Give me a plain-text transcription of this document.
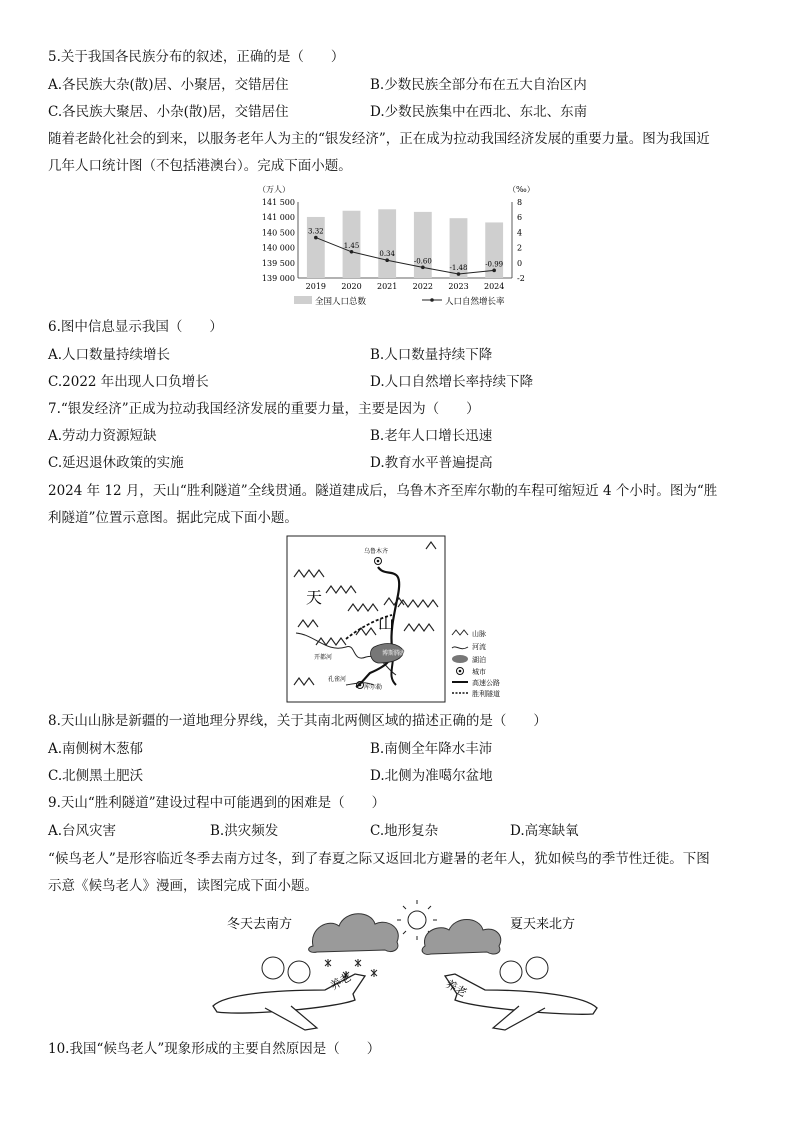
5.关于我国各民族分布的叙述，正确的是（　　）
A.各民族大杂(散)居、小聚居，交错居住	B.少数民族全部分布在五大自治区内
C.各民族大聚居、小杂(散)居，交错居住	D.少数民族集中在西北、东北、东南
随着老龄化社会的到来，以服务老年人为主的“银发经济”，正在成为拉动我国经济发展的重要力量。图为我国近
几年人口统计图（不包括港澳台）。完成下面小题。
（万人）	（‰）
141 500
141 000
140 500
140 000
139 500
139 000
8
6
4
2
0
-2
2019 2020 2021 2022 2023 2024
3.32
1.45
0.34
-0.60
-1.48	-0.99
全国人口总数	人口自然增长率
6.图中信息显示我国（　　）
A.人口数量持续增长	B.人口数量持续下降
C.2022 年出现人口负增长	D.人口自然增长率持续下降
7.“银发经济”正成为拉动我国经济发展的重要力量，主要是因为（　　）
A.劳动力资源短缺	B.老年人口增长迅速
C.延迟退休政策的实施	D.教育水平普遍提高
2024 年 12 月，天山“胜利隧道”全线贯通。隧道建成后，乌鲁木齐至库尔勒的车程可缩短近 4 个小时。图为“胜
利隧道”位置示意图。据此完成下面小题。
乌鲁木齐
天
山
开都河
博斯腾湖
孔雀河
库尔勒
山脉
河流
湖泊
城市
高速公路
胜利隧道
8.天山山脉是新疆的一道地理分界线，关于其南北两侧区域的描述正确的是（　　）
A.南侧树木葱郁	B.南侧全年降水丰沛
C.北侧黑土肥沃	D.北侧为准噶尔盆地
9.天山“胜利隧道”建设过程中可能遇到的困难是（　　）
A.台风灾害	B.洪灾频发	C.地形复杂	D.高寒缺氧
“候鸟老人”是形容临近冬季去南方过冬，到了春夏之际又返回北方避暑的老年人，犹如候鸟的季节性迁徙。下图
示意《候鸟老人》漫画，读图完成下面小题。
冬天去南方	夏天来北方
养老	养老
10.我国“候鸟老人”现象形成的主要自然原因是（　　）
